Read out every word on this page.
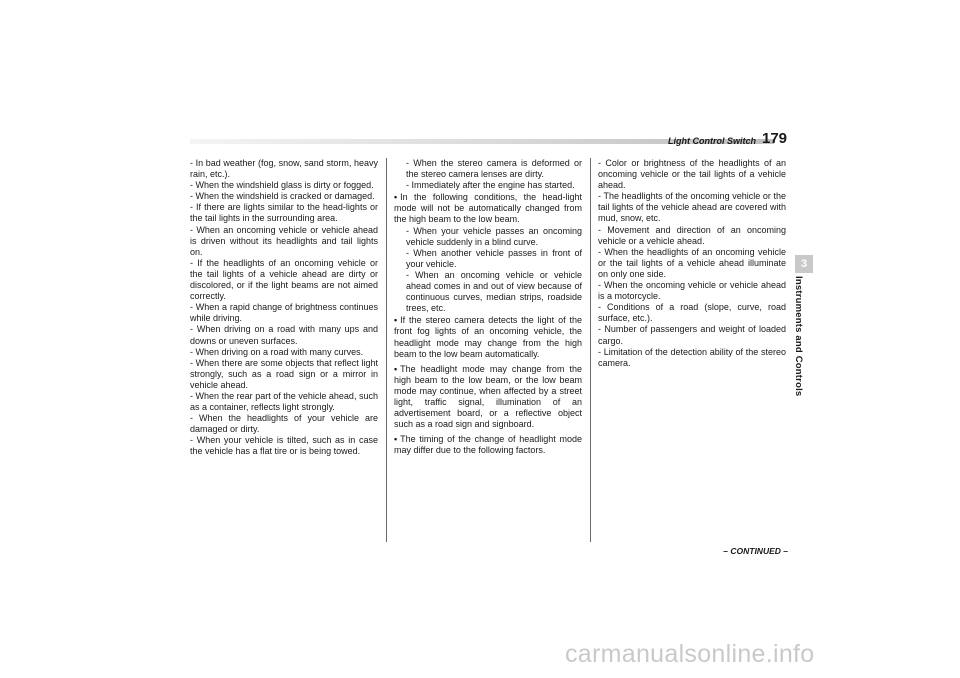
Light Control Switch 179

- In bad weather (fog, snow, sand storm, heavy rain, etc.).

- When the windshield glass is dirty or fogged.

- When the windshield is cracked or damaged.

- If there are lights similar to the head-lights or the tail lights in the surrounding area.

- When an oncoming vehicle or vehicle ahead is driven without its headlights and tail lights on.

- If the headlights of an oncoming vehicle or the tail lights of a vehicle ahead are dirty or discolored, or if the light beams are not aimed correctly.

- When a rapid change of brightness continues while driving.

- When driving on a road with many ups and downs or uneven surfaces.

- When driving on a road with many curves.

- When there are some objects that reflect light strongly, such as a road sign or a mirror in vehicle ahead.

- When the rear part of the vehicle ahead, such as a container, reflects light strongly.

- When the headlights of your vehicle are damaged or dirty.

- When your vehicle is tilted, such as in case the vehicle has a flat tire or is being towed.

- When the stereo camera is deformed or the stereo camera lenses are dirty.

- Immediately after the engine has started.

• In the following conditions, the head-light mode will not be automatically changed from the high beam to the low beam.

- When your vehicle passes an oncoming vehicle suddenly in a blind curve.

- When another vehicle passes in front of your vehicle.

- When an oncoming vehicle or vehicle ahead comes in and out of view because of continuous curves, median strips, roadside trees, etc.

• If the stereo camera detects the light of the front fog lights of an oncoming vehicle, the headlight mode may change from the high beam to the low beam automatically.

• The headlight mode may change from the high beam to the low beam, or the low beam mode may continue, when affected by a street light, traffic signal, illumination of an advertisement board, or a reflective object such as a road sign and signboard.

• The timing of the change of headlight mode may differ due to the following factors.

- Color or brightness of the headlights of an oncoming vehicle or the tail lights of a vehicle ahead.

- The headlights of the oncoming vehicle or the tail lights of the vehicle ahead are covered with mud, snow, etc.

- Movement and direction of an oncoming vehicle or a vehicle ahead.

- When the headlights of an oncoming vehicle or the tail lights of a vehicle ahead illuminate on only one side.

- When the oncoming vehicle or vehicle ahead is a motorcycle.

- Conditions of a road (slope, curve, road surface, etc.).

- Number of passengers and weight of loaded cargo.

- Limitation of the detection ability of the stereo camera.

3
Instruments and Controls
– CONTINUED –
carmanualsonline.info
